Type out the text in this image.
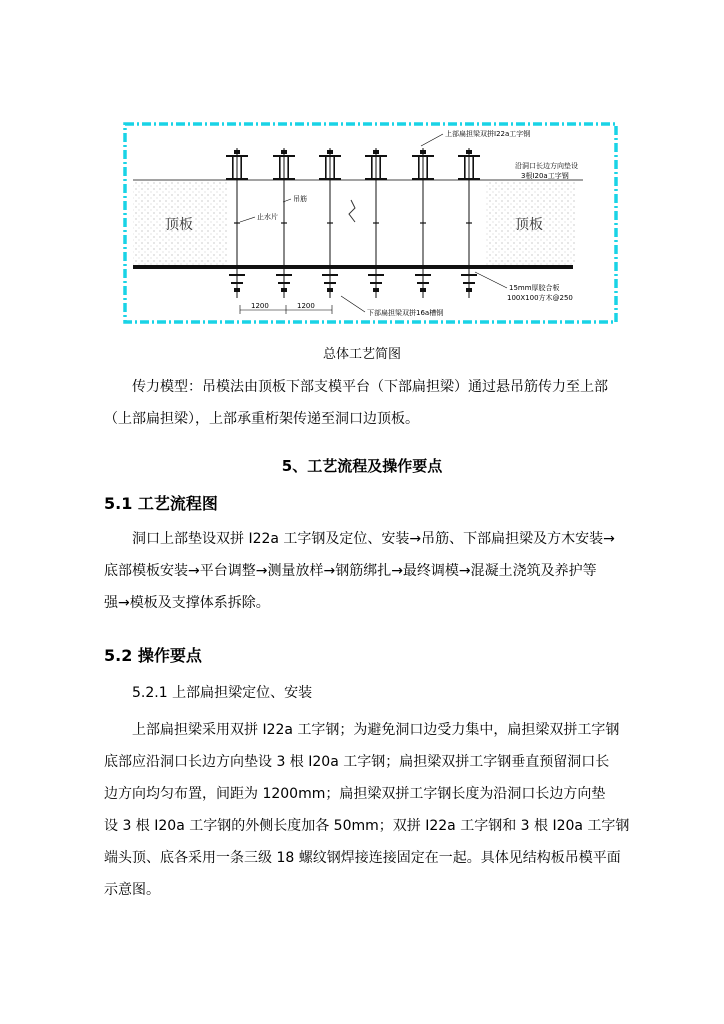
顶板	顶板
上部扁担梁双拼I22a工字钢
沿洞口长边方向垫设
3根I20a工字钢
吊筋
止水片
15mm厚胶合板
100X100方木@250
下部扁担梁双拼16a槽钢
1200	1200
总体工艺简图

传力模型：吊模法由顶板下部支模平台（下部扁担梁）通过悬吊筋传力至上部
（上部扁担梁），上部承重桁架传递至洞口边顶板。

5、工艺流程及操作要点
5.1 工艺流程图

洞口上部垫设双拼 I22a 工字钢及定位、安装→吊筋、下部扁担梁及方木安装→
底部模板安装→平台调整→测量放样→钢筋绑扎→最终调模→混凝土浇筑及养护等
强→模板及支撑体系拆除。

5.2 操作要点
5.2.1 上部扁担梁定位、安装

上部扁担梁采用双拼 I22a 工字钢；为避免洞口边受力集中，扁担梁双拼工字钢
底部应沿洞口长边方向垫设 3 根 I20a 工字钢；扁担梁双拼工字钢垂直预留洞口长
边方向均匀布置，间距为 1200mm；扁担梁双拼工字钢长度为沿洞口长边方向垫
设 3 根 I20a 工字钢的外侧长度加各 50mm；双拼 I22a 工字钢和 3 根 I20a 工字钢
端头顶、底各采用一条三级 18 螺纹钢焊接连接固定在一起。具体见结构板吊模平面
示意图。
